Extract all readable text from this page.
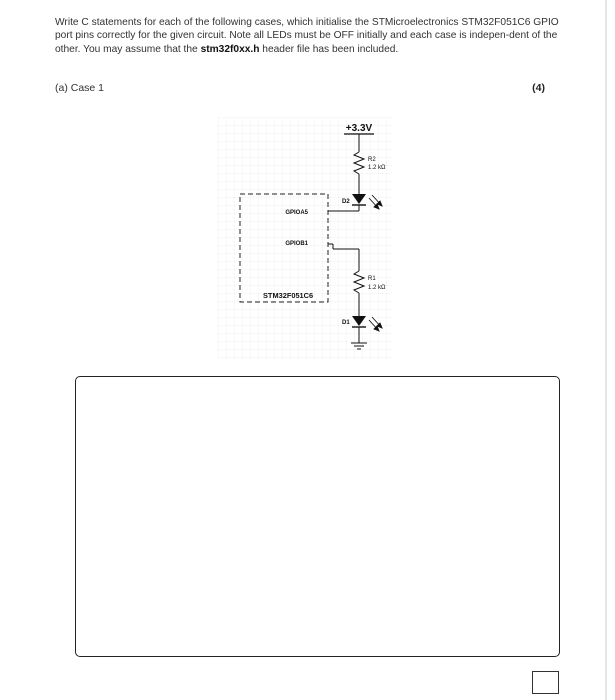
Write C statements for each of the following cases, which initialise the STMicroelectronics STM32F051C6 GPIO port pins correctly for the given circuit. Note all LEDs must be OFF initially and each case is indepen-dent of the other. You may assume that the stm32f0xx.h header file has been included.

(a) Case 1	(4)
+3.3V
R2
1.2 kΩ
D2
GPIOA5
GPIOB1
STM32F051C6
R1
1.2 kΩ
D1
